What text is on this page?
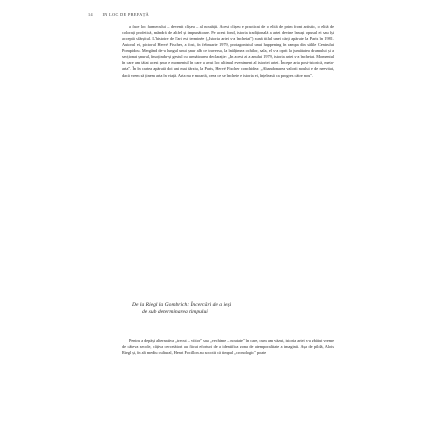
14 IN LOC DE PREFAȚĂ

a face loc farmecului – devenit clișeu – al noutății. Acest clișeu e practicat de o elită de prim front artistic, o elită de colorați profetică, mândră de altfel și impunătoare. Pe acest fond, istoria tradițională a artei devine însuși opusul ei sau își acceptă sfârșitul. L'histoire de l'art est terminée („Istoria artei s-a încheiat") sună titlul unei cărți apărute la Paris în 1981. Autorul ei, pictorul Hervé Fischer, a fost, în februarie 1979, protagonistul unui happening în rampa din sălile Centrului Pompidou. Mergând de-a lungul unui șnur alb ce traversa, la înălțimea ochilor, sala, el s-a oprit la jumătatea drumului și a secționat șnurul, însoțindu-și gestul cu următoarea declarație: „In acest zi a anului 1979, istoria artei s-a încheiat. Momentul în care am tăiat acest șnur e momentul în care a avut loc ultimul eveniment al istoriei artei. Începe arta post-istorică, meta-arta". În în cartea apărută doi ani mai târziu, la Paris, Hervé Fischer conchidea: „Abandonarea valorii noului e de neevitat, dacă vrem să ținem arta în viață. Arta nu e moartă, ceea ce se încheie e istoria ei, înțeleasă ca progres către nou".

De la Riegl la Gombrich: Încercări de a ieși
de sub determinarea timpului

Pentru a depăși alternativa „trecut – viitor" sau „vechime – noutate" în care, cum am văzut, istoria artei s-a zbătut vreme de câteva secole, câțiva cercetători au făcut eforturi de a identifica zona de atemporalitate a imaginii. Așa de pildă, Alois Riegl și, în alt mediu cultural, Henri Focillon au socotit că timpul „cronologic" poate
